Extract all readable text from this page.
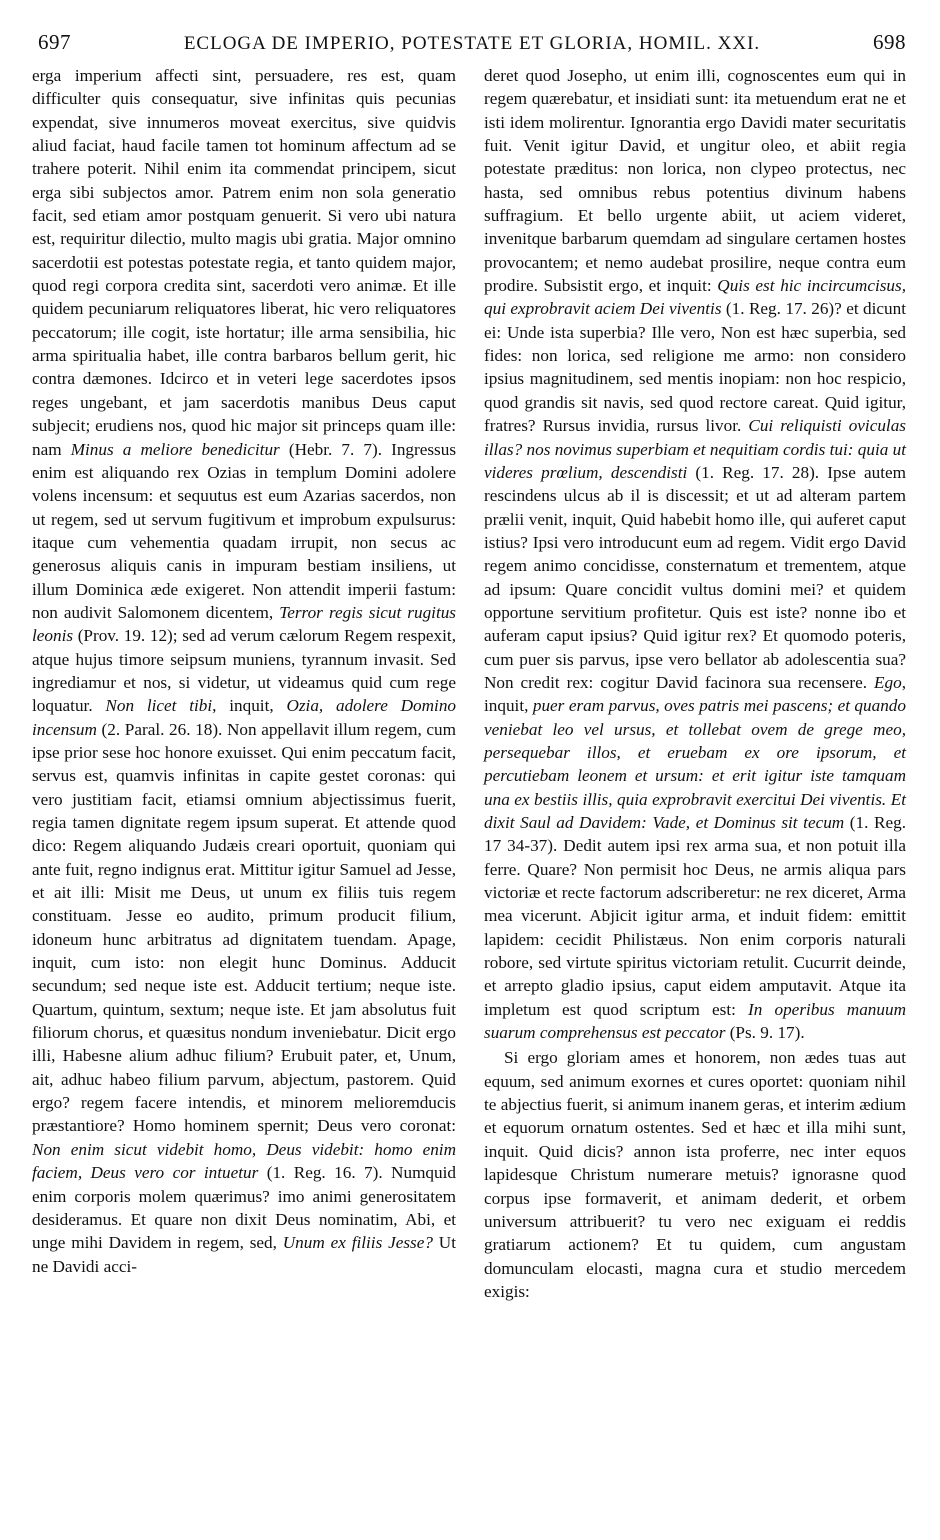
697	ECLOGA DE IMPERIO, POTESTATE ET GLORIA, HOMIL. XXI.	698

erga imperium affecti sint, persuadere, res est, quam difficulter quis consequatur, sive infinitas quis pecunias expendat, sive innumeros moveat exercitus, sive quidvis aliud faciat, haud facile tamen tot hominum affectum ad se trahere poterit. Nihil enim ita commendat principem, sicut erga sibi subjectos amor. Patrem enim non sola generatio facit, sed etiam amor postquam genuerit. Si vero ubi natura est, requiritur dilectio, multo magis ubi gratia. Major omnino sacerdotii est potestas potestate regia, et tanto quidem major, quod regi corpora credita sint, sacerdoti vero animæ. Et ille quidem pecuniarum reliquatores liberat, hic vero reliquatores peccatorum; ille cogit, iste hortatur; ille arma sensibilia, hic arma spiritualia habet, ille contra barbaros bellum gerit, hic contra dæmones. Idcirco et in veteri lege sacerdotes ipsos reges ungebant, et jam sacerdotis manibus Deus caput subjecit; erudiens nos, quod hic major sit princeps quam ille: nam Minus a meliore benedicitur (Hebr. 7. 7). Ingressus enim est aliquando rex Ozias in templum Domini adolere volens incensum: et sequutus est eum Azarias sacerdos, non ut regem, sed ut servum fugitivum et improbum expulsurus: itaque cum vehementia quadam irrupit, non secus ac generosus aliquis canis in impuram bestiam insiliens, ut illum Dominica æde exigeret. Non attendit imperii fastum: non audivit Salomonem dicentem, Terror regis sicut rugitus leonis (Prov. 19. 12); sed ad verum cælorum Regem respexit, atque hujus timore seipsum muniens, tyrannum invasit. Sed ingrediamur et nos, si videtur, ut videamus quid cum rege loquatur. Non licet tibi, inquit, Ozia, adolere Domino incensum (2. Paral. 26. 18). Non appellavit illum regem, cum ipse prior sese hoc honore exuisset. Qui enim peccatum facit, servus est, quamvis infinitas in capite gestet coronas: qui vero justitiam facit, etiamsi omnium abjectissimus fuerit, regia tamen dignitate regem ipsum superat. Et attende quod dico: Regem aliquando Judæis creari oportuit, quoniam qui ante fuit, regno indignus erat. Mittitur igitur Samuel ad Jesse, et ait illi: Misit me Deus, ut unum ex filiis tuis regem constituam. Jesse eo audito, primum producit filium, idoneum hunc arbitratus ad dignitatem tuendam. Apage, inquit, cum isto: non elegit hunc Dominus. Adducit secundum; sed neque iste est. Adducit tertium; neque iste. Quartum, quintum, sextum; neque iste. Et jam absolutus fuit filiorum chorus, et quæsitus nondum inveniebatur. Dicit ergo illi, Habesne alium adhuc filium? Erubuit pater, et, Unum, ait, adhuc habeo filium parvum, abjectum, pastorem. Quid ergo? regem facere intendis, et minorem melioremducis præstantiore? Homo hominem spernit; Deus vero coronat: Non enim sicut videbit homo, Deus videbit: homo enim faciem, Deus vero cor intuetur (1. Reg. 16. 7). Numquid enim corporis molem quærimus? imo animi generositatem desideramus. Et quare non dixit Deus nominatim, Abi, et unge mihi Davidem in regem, sed, Unum ex filiis Jesse? Ut ne Davidi acci-

deret quod Josepho, ut enim illi, cognoscentes eum qui in regem quærebatur, et insidiati sunt: ita metuendum erat ne et isti idem molirentur. Ignorantia ergo Davidi mater securitatis fuit. Venit igitur David, et ungitur oleo, et abiit regia potestate præditus: non lorica, non clypeo protectus, nec hasta, sed omnibus rebus potentius divinum habens suffragium. Et bello urgente abiit, ut aciem videret, invenitque barbarum quemdam ad singulare certamen hostes provocantem; et nemo audebat prosilire, neque contra eum prodire. Subsistit ergo, et inquit: Quis est hic incircumcisus, qui exprobravit aciem Dei viventis (1. Reg. 17. 26)? et dicunt ei: Unde ista superbia? Ille vero, Non est hæc superbia, sed fides: non lorica, sed religione me armo: non considero ipsius magnitudinem, sed mentis inopiam: non hoc respicio, quod grandis sit navis, sed quod rectore careat. Quid igitur, fratres? Rursus invidia, rursus livor. Cui reliquisti oviculas illas? nos novimus superbiam et nequitiam cordis tui: quia ut videres prœlium, descendisti (1. Reg. 17. 28). Ipse autem rescindens ulcus ab il is discessit; et ut ad alteram partem prælii venit, inquit, Quid habebit homo ille, qui auferet caput istius? Ipsi vero introducunt eum ad regem. Vidit ergo David regem animo concidisse, consternatum et trementem, atque ad ipsum: Quare concidit vultus domini mei? et quidem opportune servitium profitetur. Quis est iste? nonne ibo et auferam caput ipsius? Quid igitur rex? Et quomodo poteris, cum puer sis parvus, ipse vero bellator ab adolescentia sua? Non credit rex: cogitur David facinora sua recensere. Ego, inquit, puer eram parvus, oves patris mei pascens; et quando veniebat leo vel ursus, et tollebat ovem de grege meo, persequebar illos, et eruebam ex ore ipsorum, et percutiebam leonem et ursum: et erit igitur iste tamquam una ex bestiis illis, quia exprobravit exercitui Dei viventis. Et dixit Saul ad Davidem: Vade, et Dominus sit tecum (1. Reg. 17 34-37). Dedit autem ipsi rex arma sua, et non potuit illa ferre. Quare? Non permisit hoc Deus, ne armis aliqua pars victoriæ et recte factorum adscriberetur: ne rex diceret, Arma mea vicerunt. Abjicit igitur arma, et induit fidem: emittit lapidem: cecidit Philistæus. Non enim corporis naturali robore, sed virtute spiritus victoriam retulit. Cucurrit deinde, et arrepto gladio ipsius, caput eidem amputavit. Atque ita impletum est quod scriptum est: In operibus manuum suarum comprehensus est peccator (Ps. 9. 17).

Si ergo gloriam ames et honorem, non ædes tuas aut equum, sed animum exornes et cures oportet: quoniam nihil te abjectius fuerit, si animum inanem geras, et interim ædium et equorum ornatum ostentes. Sed et hæc et illa mihi sunt, inquit. Quid dicis? annon ista proferre, nec inter equos lapidesque Christum numerare metuis? ignorasne quod corpus ipse formaverit, et animam dederit, et orbem universum attribuerit? tu vero nec exiguam ei reddis gratiarum actionem? Et tu quidem, cum angustam domunculam elocasti, magna cura et studio mercedem exigis:
